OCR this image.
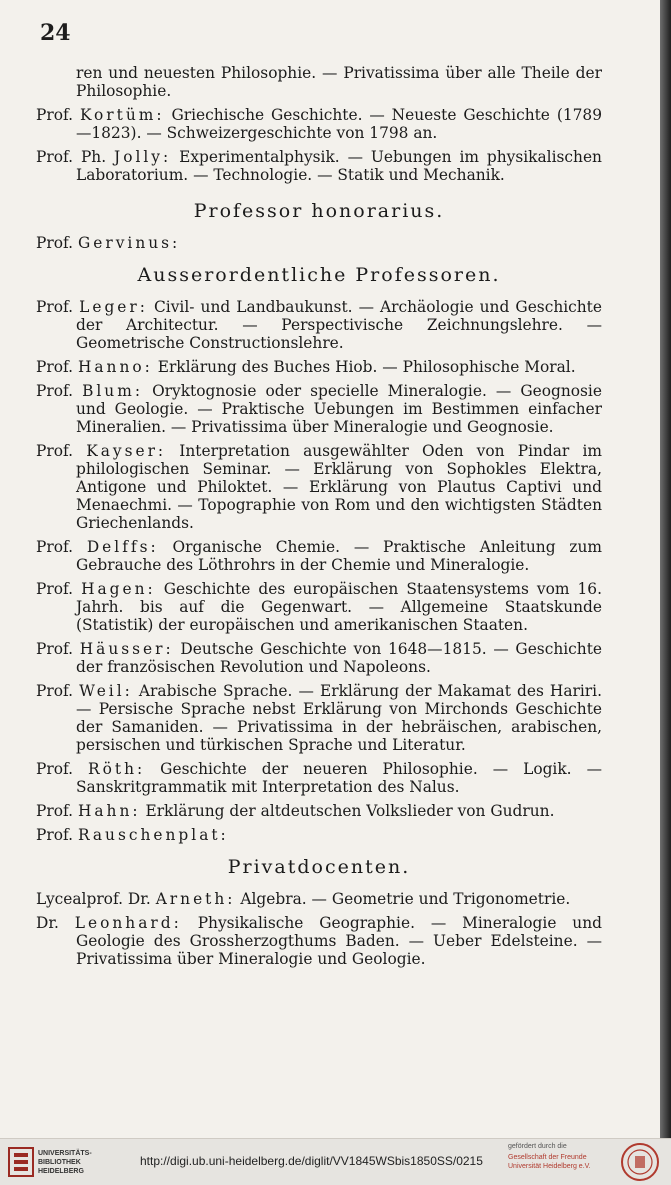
24

ren und neuesten Philosophie. — Privatissima über alle Theile der Philosophie.

Prof. Kortüm: Griechische Geschichte. — Neueste Geschichte (1789 —1823). — Schweizergeschichte von 1798 an.

Prof. Ph. Jolly: Experimentalphysik. — Uebungen im physikalischen Laboratorium. — Technologie. — Statik und Mechanik.

Professor honorarius.

Prof. Gervinus:

Ausserordentliche Professoren.

Prof. Leger: Civil- und Landbaukunst. — Archäologie und Geschichte der Architectur. — Perspectivische Zeichnungslehre. — Geometrische Constructionslehre.

Prof. Hanno: Erklärung des Buches Hiob. — Philosophische Moral.

Prof. Blum: Oryktognosie oder specielle Mineralogie. — Geognosie und Geologie. — Praktische Uebungen im Bestimmen einfacher Mineralien. — Privatissima über Mineralogie und Geognosie.

Prof. Kayser: Interpretation ausgewählter Oden von Pindar im philologischen Seminar. — Erklärung von Sophokles Elektra, Antigone und Philoktet. — Erklärung von Plautus Captivi und Menaechmi. — Topographie von Rom und den wichtigsten Städten Griechenlands.

Prof. Delffs: Organische Chemie. — Praktische Anleitung zum Gebrauche des Löthrohrs in der Chemie und Mineralogie.

Prof. Hagen: Geschichte des europäischen Staatensystems vom 16. Jahrh. bis auf die Gegenwart. — Allgemeine Staatskunde (Statistik) der europäischen und amerikanischen Staaten.

Prof. Häusser: Deutsche Geschichte von 1648—1815. — Geschichte der französischen Revolution und Napoleons.

Prof. Weil: Arabische Sprache. — Erklärung der Makamat des Hariri. — Persische Sprache nebst Erklärung von Mirchonds Geschichte der Samaniden. — Privatissima in der hebräischen, arabischen, persischen und türkischen Sprache und Literatur.

Prof. Röth: Geschichte der neueren Philosophie. — Logik. — Sanskritgrammatik mit Interpretation des Nalus.

Prof. Hahn: Erklärung der altdeutschen Volkslieder von Gudrun.

Prof. Rauschenplat:

Privatdocenten.

Lycealprof. Dr. Arneth: Algebra. — Geometrie und Trigonometrie.

Dr. Leonhard: Physikalische Geographie. — Mineralogie und Geologie des Grossherzogthums Baden. — Ueber Edelsteine. — Privatissima über Mineralogie und Geologie.

UNIVERSITÄTS-
BIBLIOTHEK
HEIDELBERG
http://digi.ub.uni-heidelberg.de/diglit/VV1845WSbis1850SS/0215
gefördert durch die
Gesellschaft der Freunde
Universität Heidelberg e.V.
